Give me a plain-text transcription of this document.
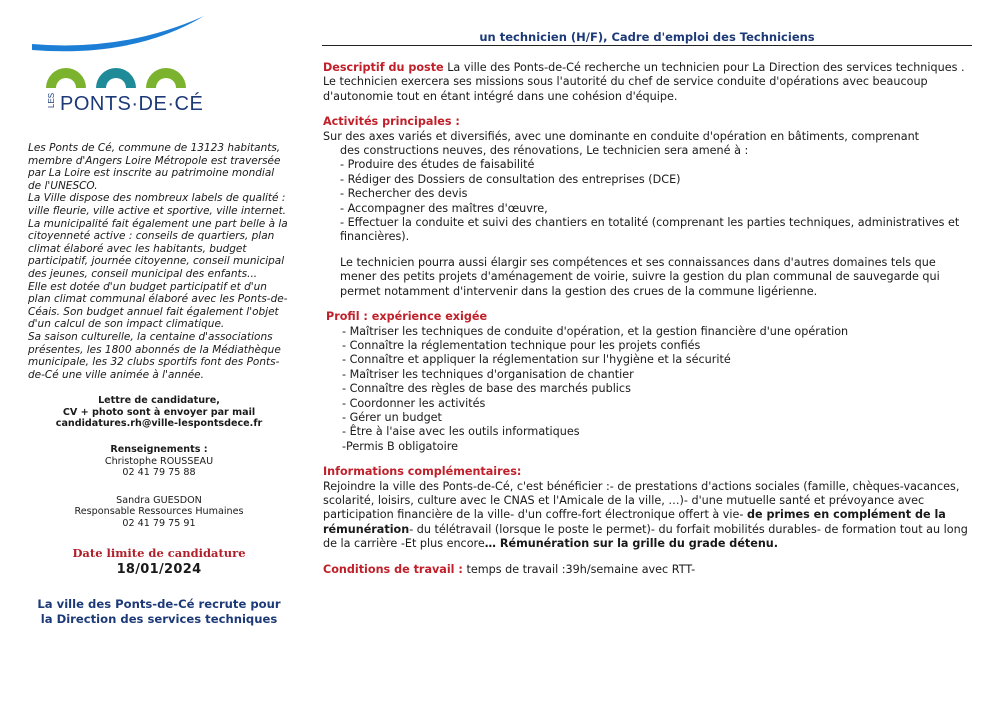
LES PONTS·DE·CÉ

Les Ponts de Cé, commune de 13123 habitants, membre d'Angers Loire Métropole est traversée par La Loire est inscrite au patrimoine mondial de l'UNESCO.

La Ville dispose des nombreux labels de qualité : ville fleurie, ville active et sportive, ville internet.

La municipalité fait également une part belle à la citoyenneté active : conseils de quartiers, plan climat élaboré avec les habitants, budget participatif, journée citoyenne, conseil municipal des jeunes, conseil municipal des enfants...

Elle est dotée d'un budget participatif et d'un plan climat communal élaboré avec les Ponts-de-Céais. Son budget annuel fait également l'objet d'un calcul de son impact climatique.

Sa saison culturelle, la centaine d'associations présentes, les 1800 abonnés de la Médiathèque municipale, les 32 clubs sportifs font des Ponts-de-Cé une ville animée à l'année.

Lettre de candidature,
CV + photo sont à envoyer par mail
candidatures.rh@ville-lespontsdece.fr
Renseignements :
Christophe ROUSSEAU
02 41 79 75 88
Sandra GUESDON
Responsable Ressources Humaines
02 41 79 75 91
Date limite de candidature
18/01/2024
La ville des Ponts-de-Cé recrute pour
la Direction des services techniques
un technicien (H/F), Cadre d'emploi des Techniciens

Descriptif du poste La ville des Ponts-de-Cé recherche un technicien pour La Direction des services techniques . Le technicien exercera ses missions sous l'autorité du chef de service conduite d'opérations avec beaucoup d'autonomie tout en étant intégré dans une cohésion d'équipe.

Activités principales :

Sur des axes variés et diversifiés, avec une dominante en conduite d'opération en bâtiments, comprenant

des constructions neuves, des rénovations, Le technicien sera amené à :

- Produire des études de faisabilité
- Rédiger des Dossiers de consultation des entreprises (DCE)
- Rechercher des devis
- Accompagner des maîtres d'œuvre,
- Effectuer la conduite et suivi des chantiers en totalité (comprenant les parties techniques, administratives et financières).

Le technicien pourra aussi élargir ses compétences et ses connaissances dans d'autres domaines tels que mener des petits projets d'aménagement de voirie, suivre la gestion du plan communal de sauvegarde qui permet notamment d'intervenir dans la gestion des crues de la commune ligérienne.

Profil : expérience exigée
- Maîtriser les techniques de conduite d'opération, et la gestion financière d'une opération
- Connaître la réglementation technique pour les projets confiés
- Connaître et appliquer la réglementation sur l'hygiène et la sécurité
- Maîtriser les techniques d'organisation de chantier
- Connaître des règles de base des marchés publics
- Coordonner les activités
- Gérer un budget
- Être à l'aise avec les outils informatiques
-Permis B obligatoire
Informations complémentaires:

Rejoindre la ville des Ponts-de-Cé, c'est bénéficier :- de prestations d'actions sociales (famille, chèques-vacances, scolarité, loisirs, culture avec le CNAS et l'Amicale de la ville, …)- d'une mutuelle santé et prévoyance avec participation financière de la ville- d'un coffre-fort électronique offert à vie- de primes en complément de la rémunération- du télétravail (lorsque le poste le permet)- du forfait mobilités durables- de formation tout au long de la carrière -Et plus encore… Rémunération sur la grille du grade détenu.

Conditions de travail : temps de travail :39h/semaine avec RTT-
